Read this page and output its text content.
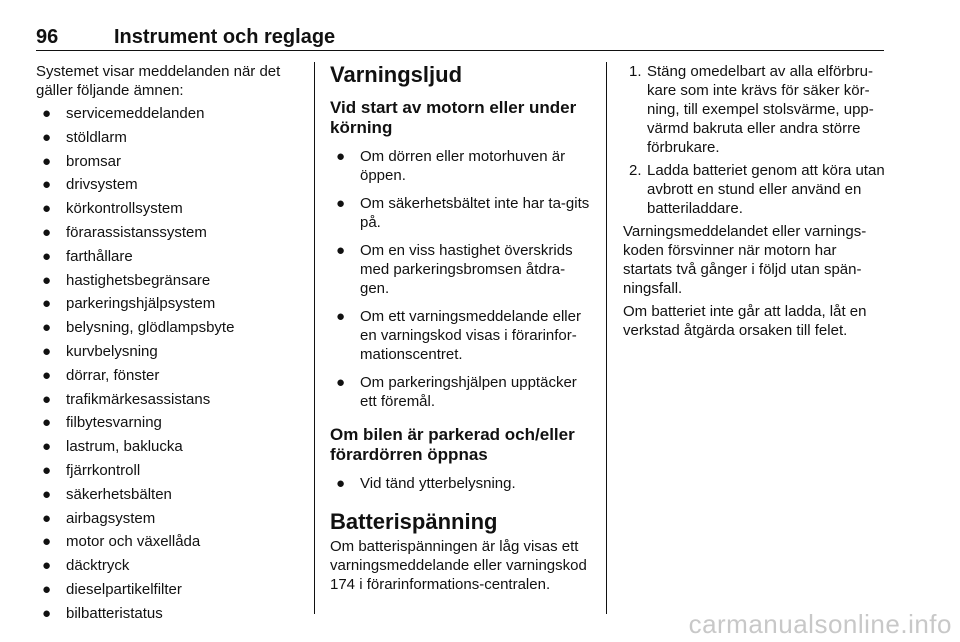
96	Instrument och reglage

Systemet visar meddelanden när det gäller följande ämnen:

● servicemeddelanden
● stöldlarm
● bromsar
● drivsystem
● körkontrollsystem
● förarassistanssystem
● farthållare
● hastighetsbegränsare
● parkeringshjälpsystem
● belysning, glödlampsbyte
● kurvbelysning
● dörrar, fönster
● trafikmärkesassistans
● filbytesvarning
● lastrum, baklucka
● fjärrkontroll
● säkerhetsbälten
● airbagsystem
● motor och växellåda
● däcktryck
● dieselpartikelfilter
● bilbatteristatus
Varningsljud
Vid start av motorn eller under körning
● Om dörren eller motorhuven är öppen.
● Om säkerhetsbältet inte har ta-gits på.
● Om en viss hastighet överskrids med parkeringsbromsen åtdra-gen.
● Om ett varningsmeddelande eller en varningskod visas i förarinfor-mationscentret.
● Om parkeringshjälpen upptäcker ett föremål.
Om bilen är parkerad och/eller förardörren öppnas
● Vid tänd ytterbelysning.
Batterispänning

Om batterispänningen är låg visas ett varningsmeddelande eller varningskod 174 i förarinformations-centralen.

1. Stäng omedelbart av alla elförbru-kare som inte krävs för säker kör-ning, till exempel stolsvärme, upp-värmd bakruta eller andra större förbrukare.
2. Ladda batteriet genom att köra utan avbrott en stund eller använd en batteriladdare.

Varningsmeddelandet eller varnings-koden försvinner när motorn har startats två gånger i följd utan spän-ningsfall.

Om batteriet inte går att ladda, låt en verkstad åtgärda orsaken till felet.

carmanualsonline.info
